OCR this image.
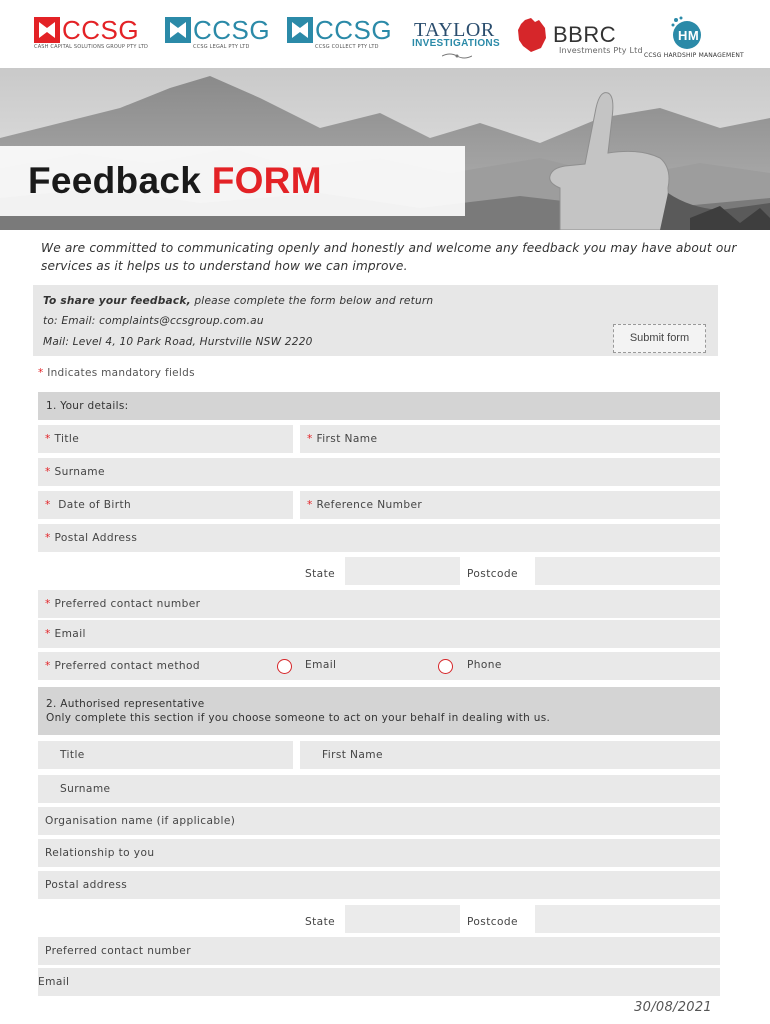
CCSG
CASH CAPITAL SOLUTIONS GROUP PTY LTD
CCSG
CCSG LEGAL PTY LTD
CCSG
CCSG COLLECT PTY LTD
TAYLOR
INVESTIGATIONS BBRC
Investments Pty Ltd
HM
CCSG HARDSHIP MANAGEMENT
Feedback FORM

We are committed to communicating openly and honestly and welcome any feedback you may have about our services as it helps us to understand how we can improve.

To share your feedback, please complete the form below and return
to: Email: complaints@ccsgroup.com.au
Mail: Level 4, 10 Park Road, Hurstville NSW 2220	Submit form
* Indicates mandatory fields
1. Your details:
* Title	* First Name
* Surname
* Date of Birth	* Reference Number
* Postal Address
State	Postcode
* Preferred contact number
* Email
* Preferred contact method	Email	Phone
2. Authorised representative
Only complete this section if you choose someone to act on your behalf in dealing with us.
Title	First Name
Surname
Organisation name (if applicable)
Relationship to you
Postal address
State	Postcode
Preferred contact number
Email
30/08/2021
